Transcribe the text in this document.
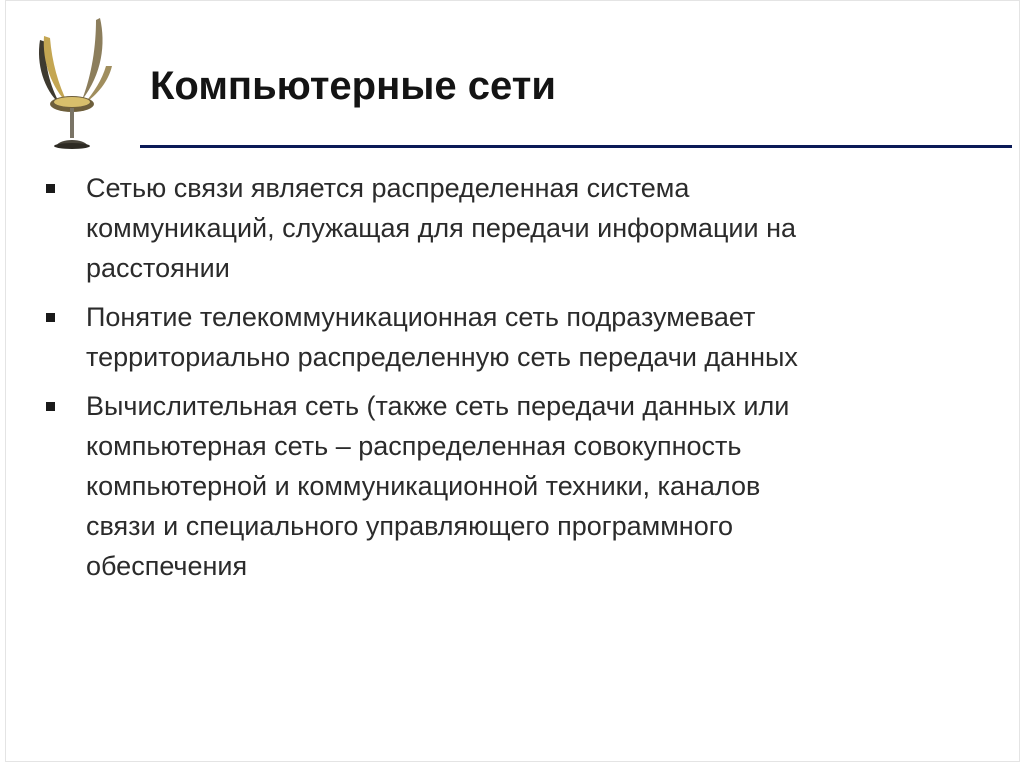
Компьютерные сети
Сетью связи является распределенная система
коммуникаций, служащая для передачи информации на
расстоянии
Понятие телекоммуникационная сеть подразумевает
территориально распределенную сеть передачи данных
Вычислительная сеть (также сеть передачи данных или
компьютерная сеть – распределенная совокупность
компьютерной и коммуникационной техники, каналов
связи и специального управляющего программного
обеспечения
